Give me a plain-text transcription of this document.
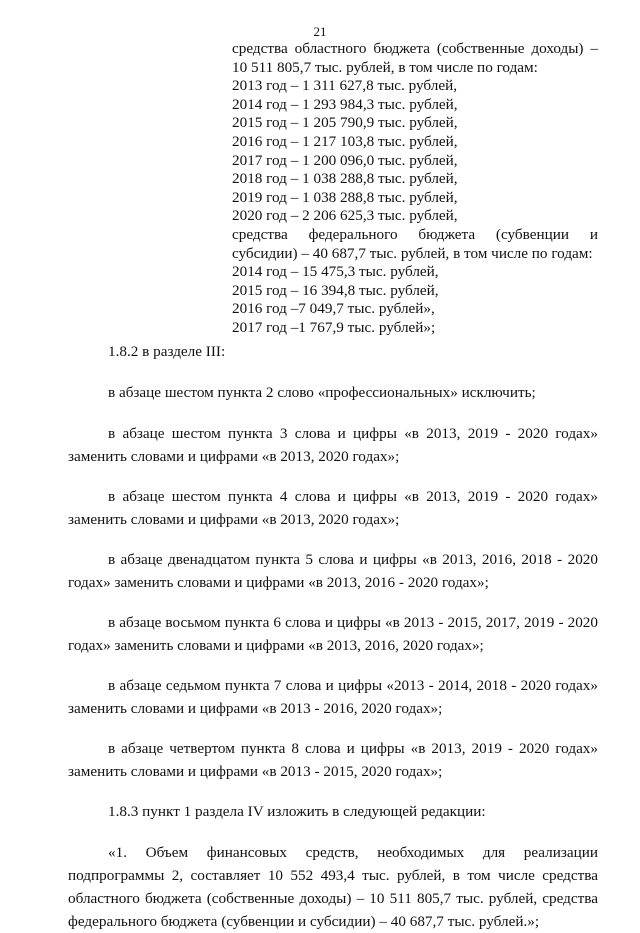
21
средства областного бюджета (собственные доходы) –
10 511 805,7 тыс. рублей, в том числе по годам:
2013 год – 1 311 627,8 тыс. рублей,
2014 год – 1 293 984,3 тыс. рублей,
2015 год – 1 205 790,9 тыс. рублей,
2016 год – 1 217 103,8 тыс. рублей,
2017 год – 1 200 096,0 тыс. рублей,
2018 год – 1 038 288,8 тыс. рублей,
2019 год – 1 038 288,8 тыс. рублей,
2020 год – 2 206 625,3 тыс. рублей,
средства федерального бюджета (субвенции и
субсидии) – 40 687,7 тыс. рублей, в том числе по годам:
2014 год – 15 475,3 тыс. рублей,
2015 год – 16 394,8 тыс. рублей,
2016 год –7 049,7 тыс. рублей»,
2017 год –1 767,9 тыс. рублей»;

1.8.2 в разделе III:

в абзаце шестом пункта 2 слово «профессиональных» исключить;

в абзаце шестом пункта 3 слова и цифры «в 2013, 2019 - 2020 годах» заменить словами и цифрами «в 2013, 2020 годах»;

в абзаце шестом пункта 4 слова и цифры «в 2013, 2019 - 2020 годах» заменить словами и цифрами «в 2013, 2020 годах»;

в абзаце двенадцатом пункта 5 слова и цифры «в 2013, 2016, 2018 - 2020 годах» заменить словами и цифрами «в 2013, 2016 - 2020 годах»;

в абзаце восьмом пункта 6 слова и цифры «в 2013 - 2015, 2017, 2019 - 2020 годах» заменить словами и цифрами «в 2013, 2016, 2020 годах»;

в абзаце седьмом пункта 7 слова и цифры «2013 - 2014, 2018 - 2020 годах» заменить словами и цифрами «в 2013 - 2016, 2020 годах»;

в абзаце четвертом пункта 8 слова и цифры «в 2013, 2019 - 2020 годах» заменить словами и цифрами «в 2013 - 2015, 2020 годах»;

1.8.3 пункт 1 раздела IV изложить в следующей редакции:

«1. Объем финансовых средств, необходимых для реализации подпрограммы 2, составляет 10 552 493,4 тыс. рублей, в том числе средства областного бюджета (собственные доходы) – 10 511 805,7 тыс. рублей, средства федерального бюджета (субвенции и субсидии) – 40 687,7 тыс. рублей.»;
